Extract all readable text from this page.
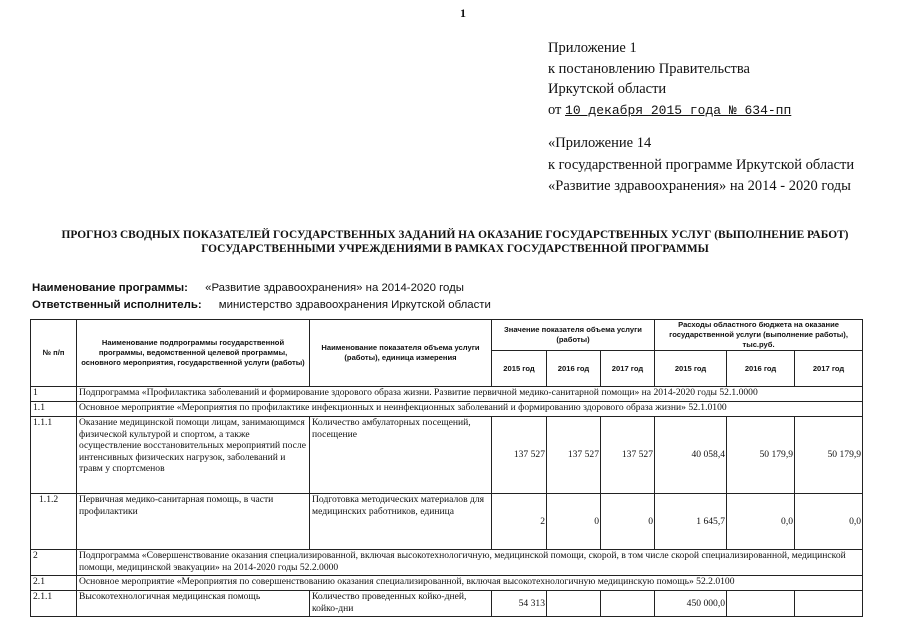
1
Приложение 1
к постановлению Правительства
Иркутской области
от 10 декабря 2015 года № 634-пп
«Приложение 14
к государственной программе Иркутской области
«Развитие здравоохранения» на 2014 - 2020 годы
ПРОГНОЗ СВОДНЫХ ПОКАЗАТЕЛЕЙ ГОСУДАРСТВЕННЫХ ЗАДАНИЙ НА ОКАЗАНИЕ ГОСУДАРСТВЕННЫХ УСЛУГ (ВЫПОЛНЕНИЕ РАБОТ)
ГОСУДАРСТВЕННЫМИ УЧРЕЖДЕНИЯМИ В РАМКАХ ГОСУДАРСТВЕННОЙ ПРОГРАММЫ
Наименование программы: «Развитие здравоохранения» на 2014-2020 годы
Ответственный исполнитель: министерство здравоохранения Иркутской области
№ п/п	Наименование подпрограммы государственной программы, ведомственной целевой программы, основного мероприятия, государственной услуги (работы)	Наименование показателя объема услуги (работы), единица измерения	Значение показателя объема услуги (работы)			Расходы областного бюджета на оказание государственной услуги (выполнение работы), тыс.руб.		
			2015 год	2016 год	2017 год	2015 год	2016 год	2017 год
1	Подпрограмма «Профилактика заболеваний и формирование здорового образа жизни. Развитие первичной медико-санитарной помощи» на 2014-2020 годы 52.1.0000							
1.1	Основное мероприятие «Мероприятия по профилактике инфекционных и неинфекционных заболеваний и формированию здорового образа жизни» 52.1.0100							
1.1.1	Оказание медицинской помощи лицам, занимающимся физической культурой и спортом, а также осуществление восстановительных мероприятий после интенсивных физических нагрузок, заболеваний и травм у спортсменов	Количество амбулаторных посещений, посещение	137 527	137 527	137 527	40 058,4	50 179,9	50 179,9
1.1.2	Первичная медико-санитарная помощь, в части профилактики	Подготовка методических материалов для медицинских работников, единица	2	0	0	1 645,7	0,0	0,0
2	Подпрограмма «Совершенствование оказания специализированной, включая высокотехнологичную, медицинской помощи, скорой, в том числе скорой специализированной, медицинской помощи, медицинской эвакуации» на 2014-2020 годы 52.2.0000							
2.1	Основное мероприятие «Мероприятия по совершенствованию оказания специализированной, включая высокотехнологичную медицинскую помощь» 52.2.0100							
2.1.1	Высокотехнологичная медицинская помощь	Количество проведенных койко-дней, койко-дни	54 313			450 000,0		
